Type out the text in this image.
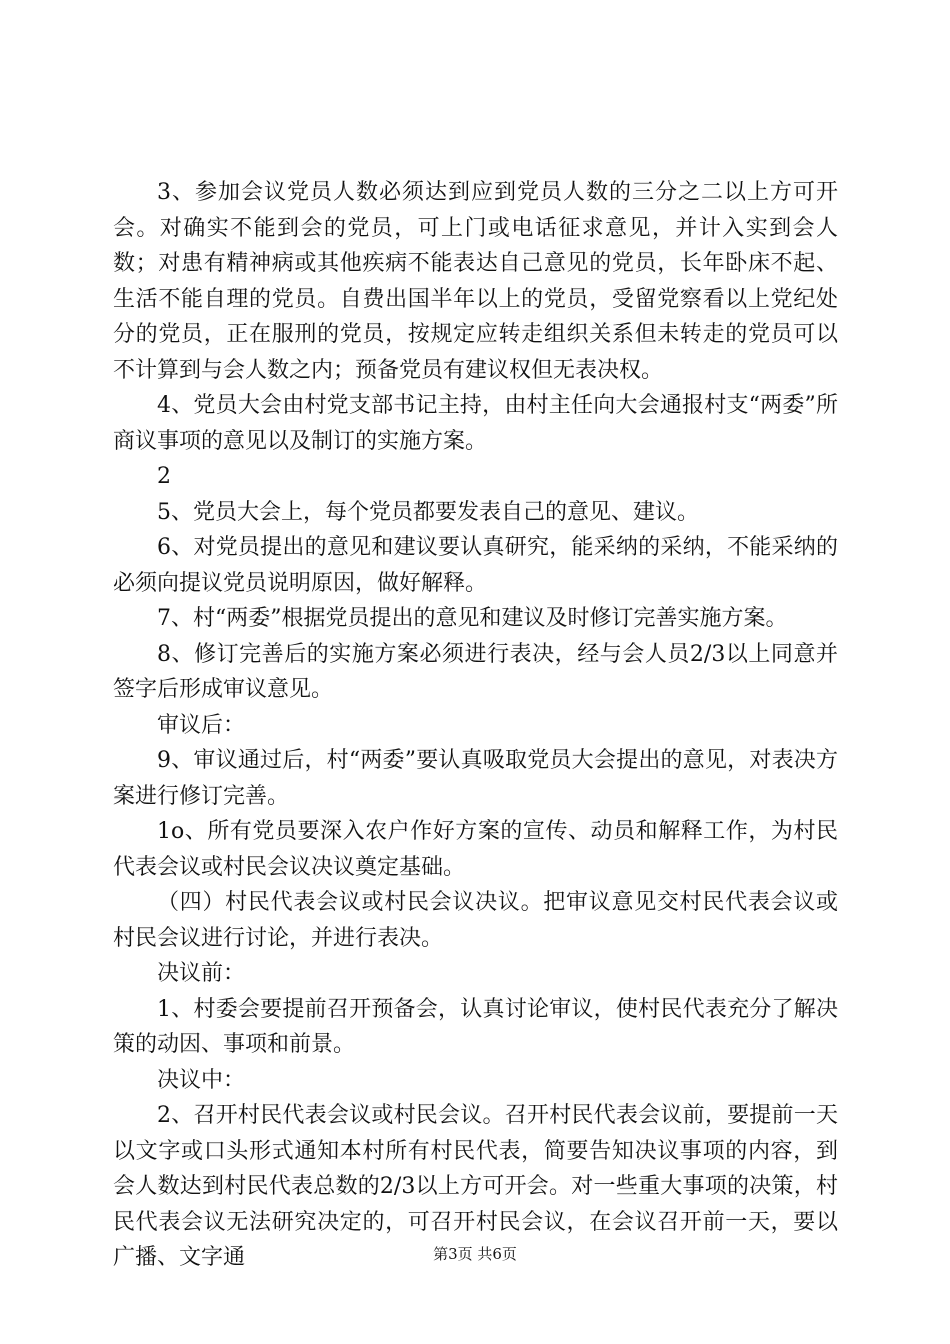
3、参加会议党员人数必须达到应到党员人数的三分之二以上方可开会。对确实不能到会的党员，可上门或电话征求意见，并计入实到会人数；对患有精神病或其他疾病不能表达自己意见的党员，长年卧床不起、生活不能自理的党员。自费出国半年以上的党员，受留党察看以上党纪处分的党员，正在服刑的党员，按规定应转走组织关系但未转走的党员可以不计算到与会人数之内；预备党员有建议权但无表决权。

4、党员大会由村党支部书记主持，由村主任向大会通报村支“两委”所商议事项的意见以及制订的实施方案。

2

5、党员大会上，每个党员都要发表自己的意见、建议。

6、对党员提出的意见和建议要认真研究，能采纳的采纳，不能采纳的必须向提议党员说明原因，做好解释。

7、村“两委”根据党员提出的意见和建议及时修订完善实施方案。

8、修订完善后的实施方案必须进行表决，经与会人员2/3以上同意并签字后形成审议意见。

审议后：

9、审议通过后，村“两委”要认真吸取党员大会提出的意见，对表决方案进行修订完善。

1o、所有党员要深入农户作好方案的宣传、动员和解释工作，为村民代表会议或村民会议决议奠定基础。

（四）村民代表会议或村民会议决议。把审议意见交村民代表会议或村民会议进行讨论，并进行表决。

决议前：

1、村委会要提前召开预备会，认真讨论审议，使村民代表充分了解决策的动因、事项和前景。

决议中：

2、召开村民代表会议或村民会议。召开村民代表会议前，要提前一天以文字或口头形式通知本村所有村民代表，简要告知决议事项的内容，到会人数达到村民代表总数的2/3以上方可开会。对一些重大事项的决策，村民代表会议无法研究决定的，可召开村民会议，在会议召开前一天，要以广播、文字通	第3页 共6页
